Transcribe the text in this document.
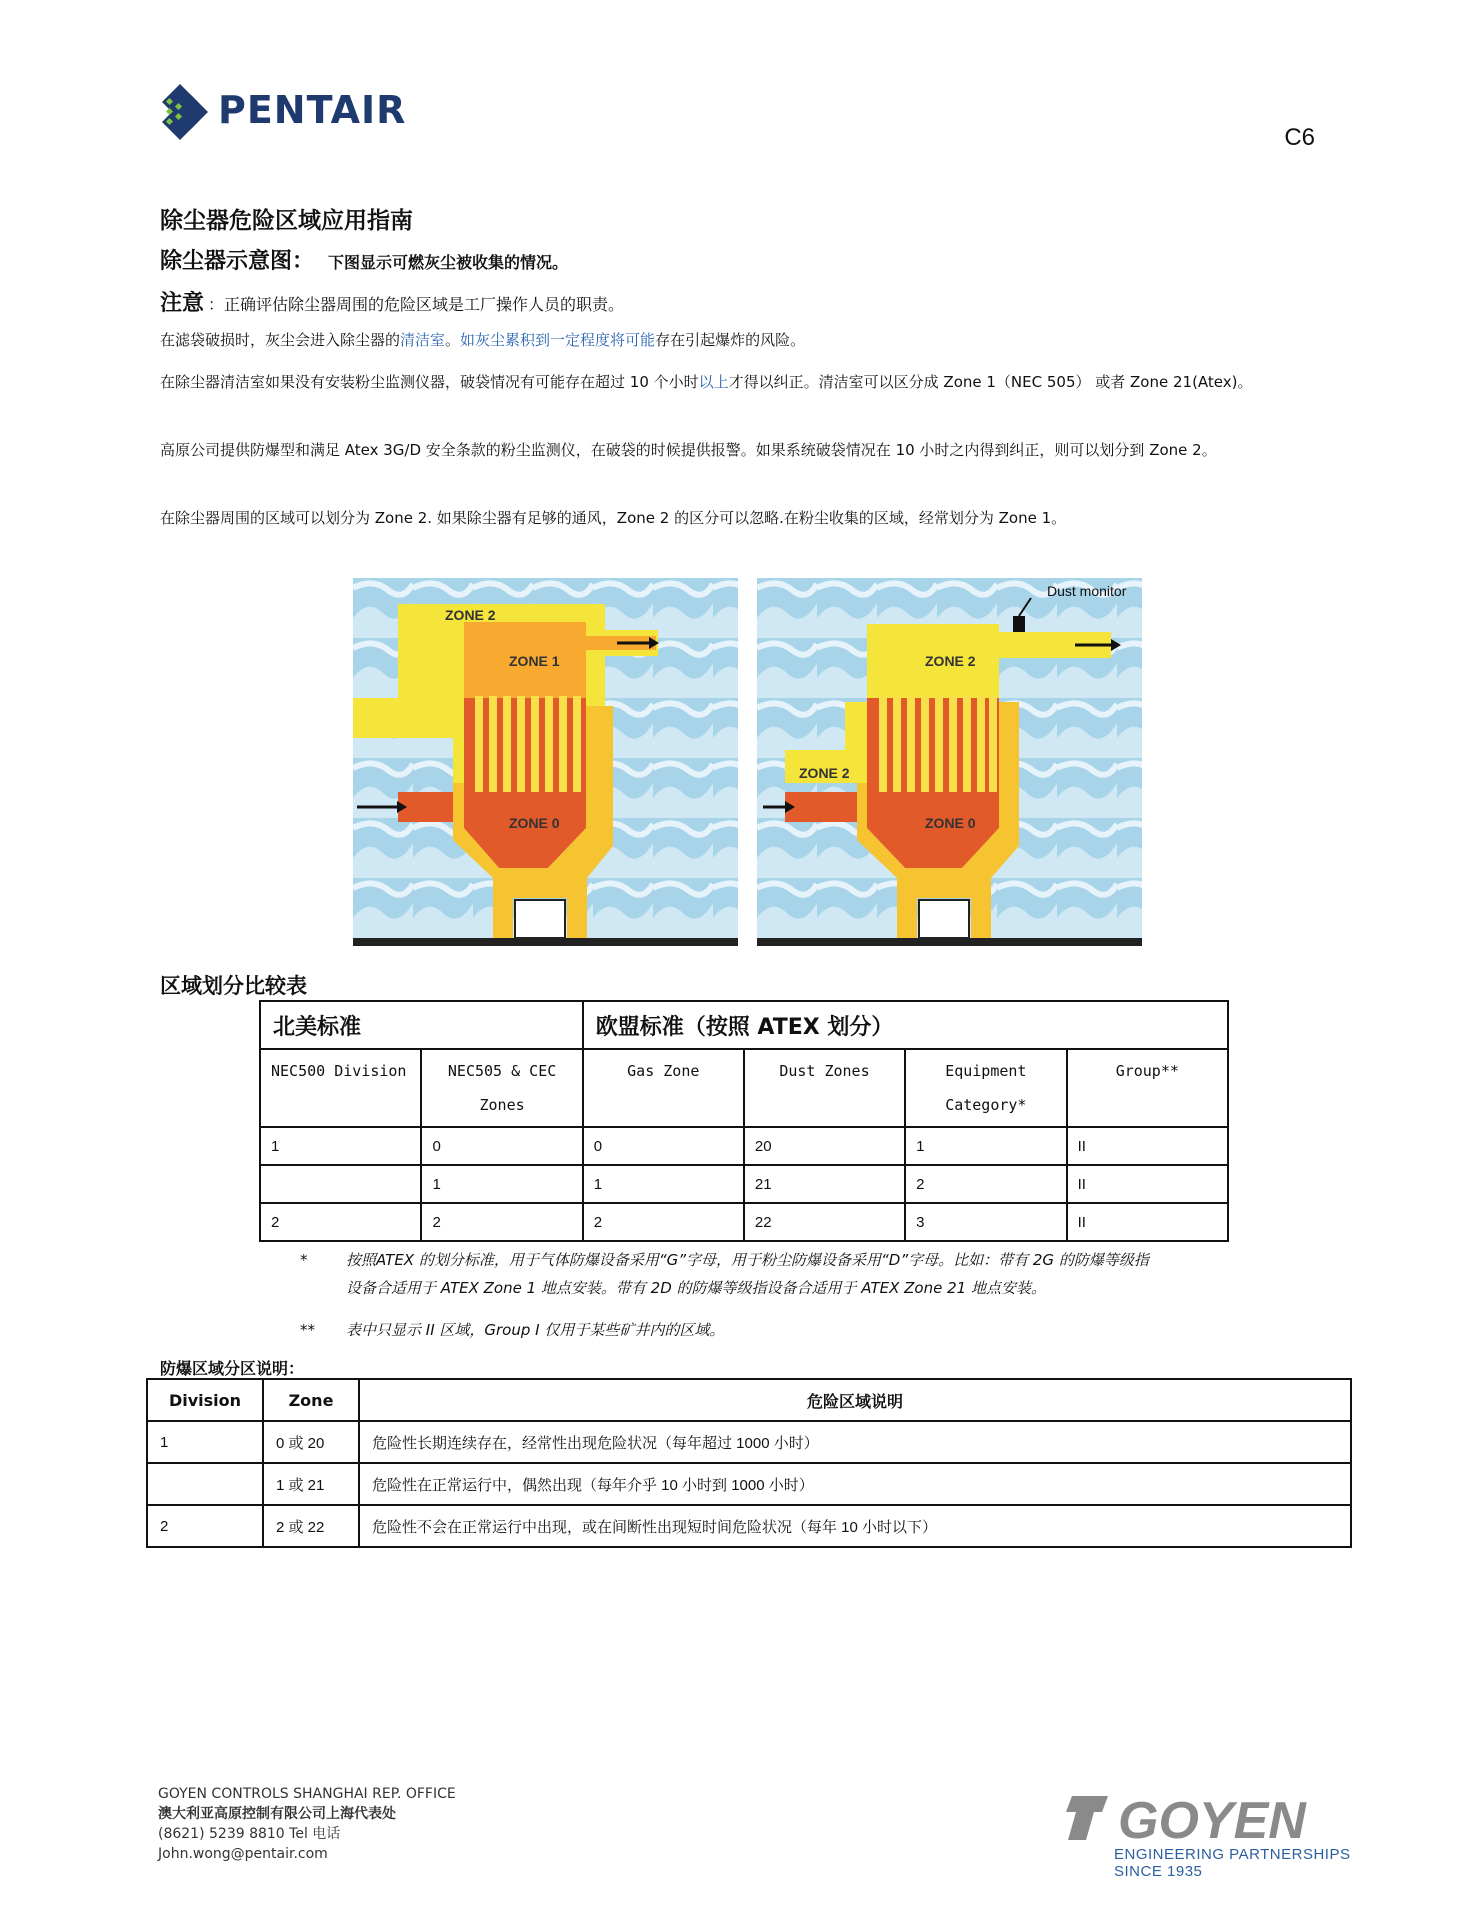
PENTAIR
C6
除尘器危险区域应用指南
除尘器示意图： 下图显示可燃灰尘被收集的情况。
注意 ：正确评估除尘器周围的危险区域是工厂操作人员的职责。
在滤袋破损时，灰尘会进入除尘器的清洁室。如灰尘累积到一定程度将可能存在引起爆炸的风险。
在除尘器清洁室如果没有安装粉尘监测仪器，破袋情况有可能存在超过 10 个小时以上才得以纠正。清洁室可以区分成 Zone 1（NEC 505） 或者 Zone 21(Atex)。
高原公司提供防爆型和满足 Atex 3G/D 安全条款的粉尘监测仪，在破袋的时候提供报警。如果系统破袋情况在 10 小时之内得到纠正，则可以划分到 Zone 2。
在除尘器周围的区域可以划分为 Zone 2. 如果除尘器有足够的通风，Zone 2 的区分可以忽略.在粉尘收集的区域，经常划分为 Zone 1。
ZONE 2
ZONE 1
ZONE 0
Dust monitor
ZONE 2
ZONE 2
ZONE 0
区域划分比较表
北美标准		欧盟标准（按照 ATEX 划分）			
NEC500 Division	NEC505 & CEC Zones	Gas Zone	Dust Zones	Equipment Category*	Group**
1	0	0	20	1	II
	1	1	21	2	II
2	2	2	22	3	II
*	按照ATEX 的划分标准，用于气体防爆设备采用“G”字母，用于粉尘防爆设备采用“D”字母。比如：带有 2G 的防爆等级指
设备合适用于 ATEX Zone 1 地点安装。带有 2D 的防爆等级指设备合适用于 ATEX Zone 21 地点安装。
** 表中只显示 II 区域，Group I 仅用于某些矿井内的区域。
防爆区域分区说明：
Division	Zone	危险区域说明
1	0 或 20	危险性长期连续存在，经常性出现危险状况（每年超过 1000 小时）
	1 或 21	危险性在正常运行中，偶然出现（每年介乎 10 小时到 1000 小时）
2	2 或 22	危险性不会在正常运行中出现，或在间断性出现短时间危险状况（每年 10 小时以下）
GOYEN CONTROLS SHANGHAI REP. OFFICE
澳大利亚高原控制有限公司上海代表处
(8621) 5239 8810 Tel 电话
John.wong@pentair.com
GOYEN
ENGINEERING PARTNERSHIPS SINCE 1935
